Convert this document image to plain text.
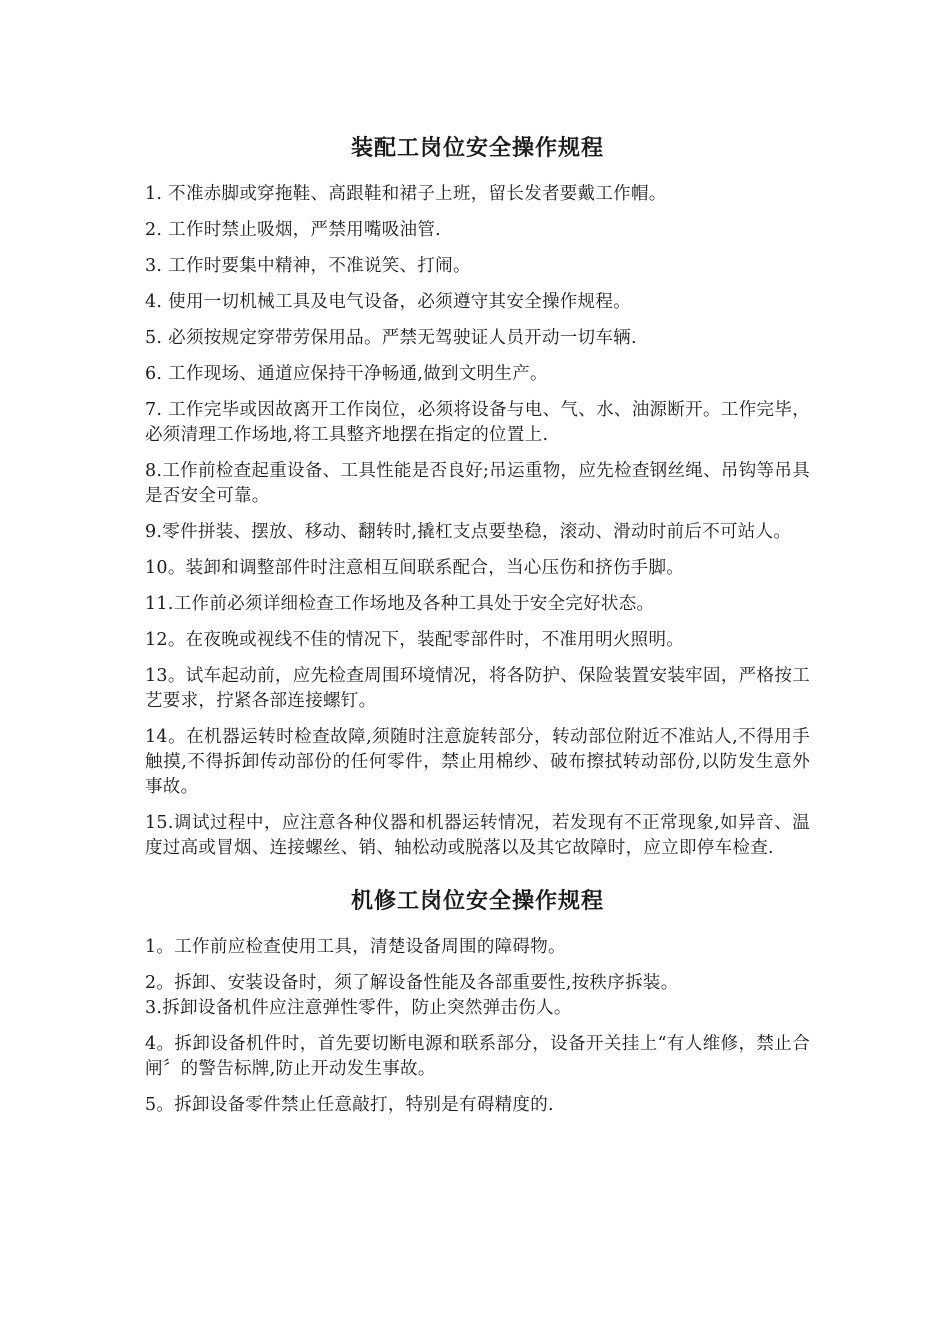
装配工岗位安全操作规程
1. 不准赤脚或穿拖鞋、高跟鞋和裙子上班，留长发者要戴工作帽。
2. 工作时禁止吸烟，严禁用嘴吸油管.
3. 工作时要集中精神，不准说笑、打闹。
4. 使用一切机械工具及电气设备，必须遵守其安全操作规程。
5. 必须按规定穿带劳保用品。严禁无驾驶证人员开动一切车辆.
6. 工作现场、通道应保持干净畅通,做到文明生产。
7. 工作完毕或因故离开工作岗位，必须将设备与电、气、水、油源断开。工作完毕，必须清理工作场地,将工具整齐地摆在指定的位置上.
8.工作前检查起重设备、工具性能是否良好;吊运重物，应先检查钢丝绳、吊钩等吊具是否安全可靠。
9.零件拼装、摆放、移动、翻转时,撬杠支点要垫稳，滚动、滑动时前后不可站人。
10。装卸和调整部件时注意相互间联系配合，当心压伤和挤伤手脚。
11.工作前必须详细检查工作场地及各种工具处于安全完好状态。
12。在夜晚或视线不佳的情况下，装配零部件时，不准用明火照明。
13。试车起动前，应先检查周围环境情况，将各防护、保险装置安装牢固，严格按工艺要求，拧紧各部连接螺钉。
14。在机器运转时检查故障,须随时注意旋转部分，转动部位附近不准站人,不得用手触摸,不得拆卸传动部份的任何零件，禁止用棉纱、破布擦拭转动部份,以防发生意外事故。
15.调试过程中，应注意各种仪器和机器运转情况，若发现有不正常现象,如异音、温度过高或冒烟、连接螺丝、销、轴松动或脱落以及其它故障时，应立即停车检查.
机修工岗位安全操作规程
1。工作前应检查使用工具，清楚设备周围的障碍物。
2。拆卸、安装设备时，须了解设备性能及各部重要性,按秩序拆装。
3.拆卸设备机件应注意弹性零件，防止突然弹击伤人。
4。拆卸设备机件时，首先要切断电源和联系部分，设备开关挂上“有人维修，禁止合闸〞的警告标牌,防止开动发生事故。
5。拆卸设备零件禁止任意敲打，特别是有碍精度的.
